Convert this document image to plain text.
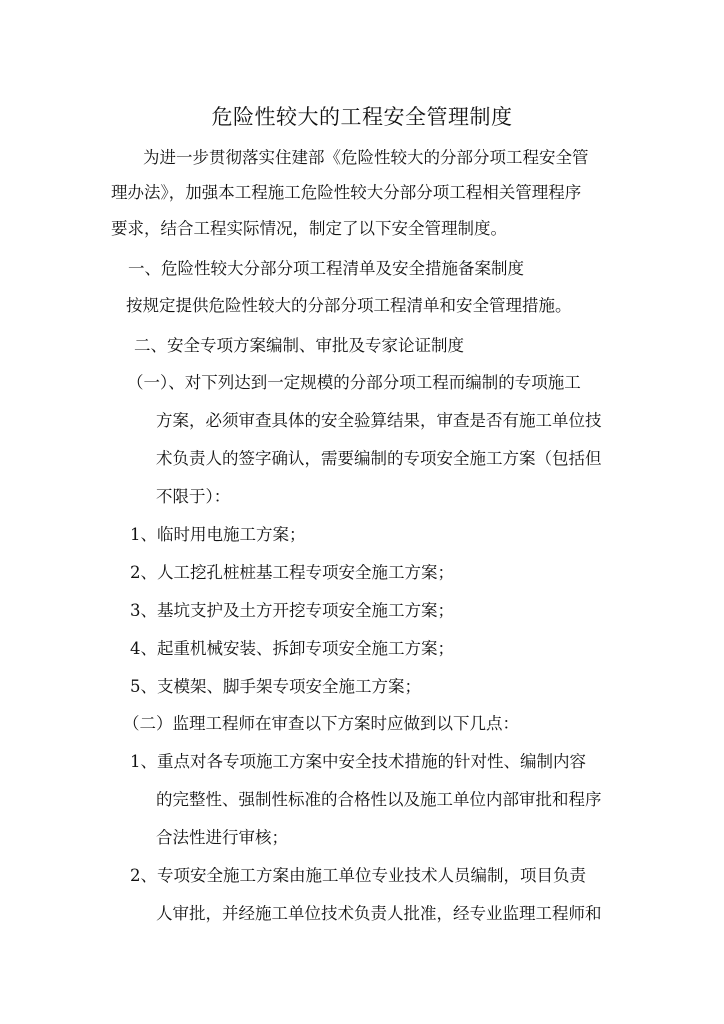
危险性较大的工程安全管理制度
为进一步贯彻落实住建部《危险性较大的分部分项工程安全管
理办法》，加强本工程施工危险性较大分部分项工程相关管理程序
要求，结合工程实际情况，制定了以下安全管理制度。
一、危险性较大分部分项工程清单及安全措施备案制度
按规定提供危险性较大的分部分项工程清单和安全管理措施。
二、安全专项方案编制、审批及专家论证制度
（一）、对下列达到一定规模的分部分项工程而编制的专项施工
方案，必须审查具体的安全验算结果，审查是否有施工单位技
术负责人的签字确认，需要编制的专项安全施工方案（包括但
不限于）：
1、临时用电施工方案；
2、人工挖孔桩桩基工程专项安全施工方案；
3、基坑支护及土方开挖专项安全施工方案；
4、起重机械安装、拆卸专项安全施工方案；
5、支模架、脚手架专项安全施工方案；
（二）监理工程师在审查以下方案时应做到以下几点：
1、重点对各专项施工方案中安全技术措施的针对性、编制内容
的完整性、强制性标准的合格性以及施工单位内部审批和程序
合法性进行审核；
2、专项安全施工方案由施工单位专业技术人员编制，项目负责
人审批，并经施工单位技术负责人批准，经专业监理工程师和
